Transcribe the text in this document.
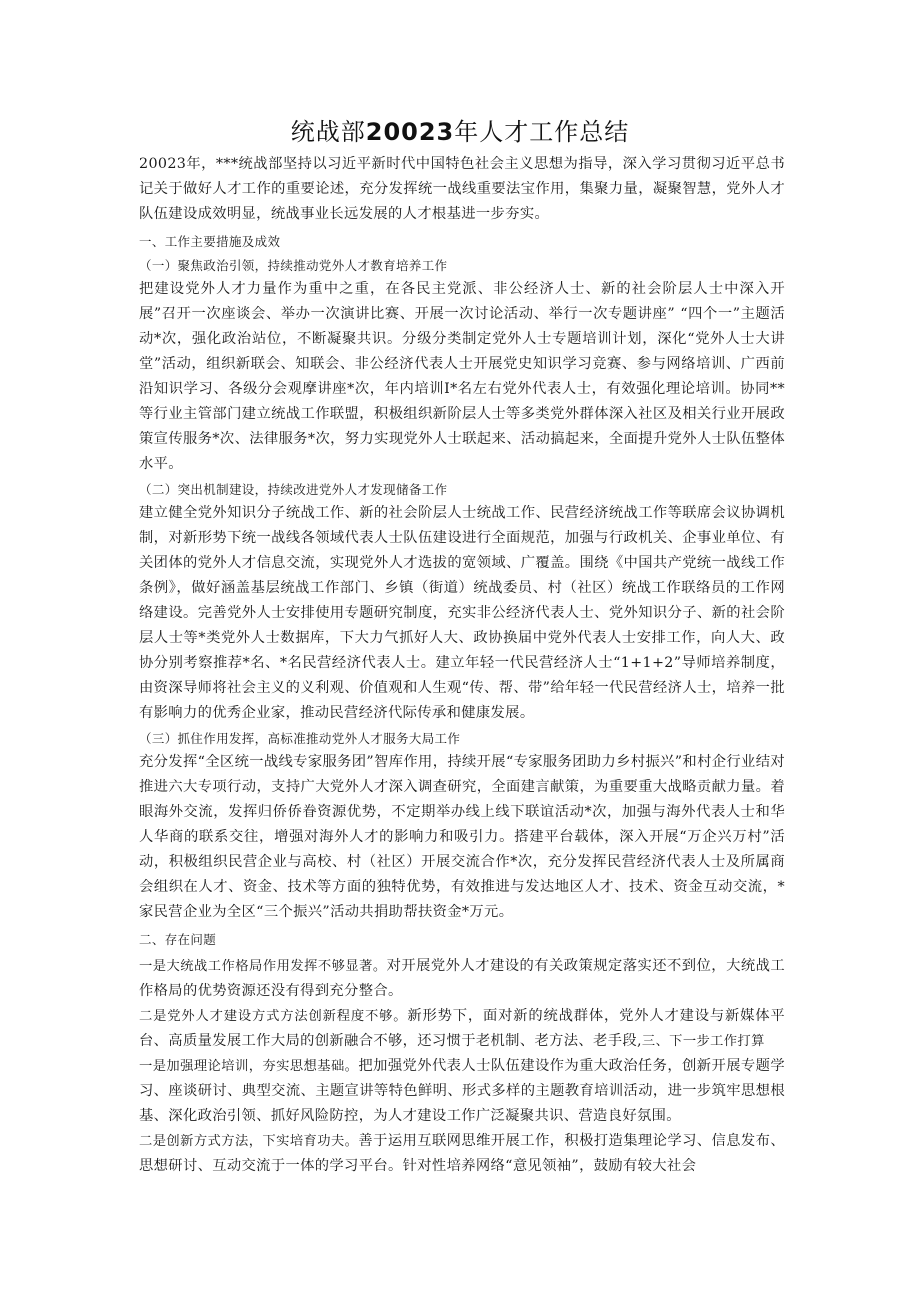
统战部20023年人才工作总结

20023年，***统战部坚持以习近平新时代中国特色社会主义思想为指导，深入学习贯彻习近平总书记关于做好人才工作的重要论述，充分发挥统一战线重要法宝作用，集聚力量，凝聚智慧，党外人才队伍建设成效明显，统战事业长远发展的人才根基进一步夯实。

一、工作主要措施及成效

（一）聚焦政治引领，持续推动党外人才教育培养工作

把建设党外人才力量作为重中之重，在各民主党派、非公经济人士、新的社会阶层人士中深入开展”召开一次座谈会、举办一次演讲比赛、开展一次讨论活动、举行一次专题讲座” “四个一”主题活动*次，强化政治站位，不断凝聚共识。分级分类制定党外人士专题培训计划，深化“党外人士大讲堂”活动，组织新联会、知联会、非公经济代表人士开展党史知识学习竞赛、参与网络培训、广西前沿知识学习、各级分会观摩讲座*次，年内培训I*名左右党外代表人士，有效强化理论培训。协同**等行业主管部门建立统战工作联盟，积极组织新阶层人士等多类党外群体深入社区及相关行业开展政策宣传服务*次、法律服务*次，努力实现党外人士联起来、活动搞起来，全面提升党外人士队伍整体水平。

（二）突出机制建设，持续改进党外人才发现储备工作

建立健全党外知识分子统战工作、新的社会阶层人士统战工作、民营经济统战工作等联席会议协调机制，对新形势下统一战线各领域代表人士队伍建设进行全面规范，加强与行政机关、企事业单位、有关团体的党外人才信息交流，实现党外人才选拔的宽领域、广覆盖。围绕《中国共产党统一战线工作条例》，做好涵盖基层统战工作部门、乡镇（街道）统战委员、村（社区）统战工作联络员的工作网络建设。完善党外人士安排使用专题研究制度，充实非公经济代表人士、党外知识分子、新的社会阶层人士等*类党外人士数据库，下大力气抓好人大、政协换届中党外代表人士安排工作，向人大、政协分别考察推荐*名、*名民营经济代表人士。建立年轻一代民营经济人士“1+1+2”导师培养制度，由资深导师将社会主义的义利观、价值观和人生观“传、帮、带”给年轻一代民营经济人士，培养一批有影响力的优秀企业家，推动民营经济代际传承和健康发展。

（三）抓住作用发挥，高标准推动党外人才服务大局工作

充分发挥“全区统一战线专家服务团”智库作用，持续开展“专家服务团助力乡村振兴”和村企行业结对推进六大专项行动，支持广大党外人才深入调查研究，全面建言献策，为重要重大战略贡献力量。着眼海外交流，发挥归侨侨眷资源优势，不定期举办线上线下联谊活动*次，加强与海外代表人士和华人华商的联系交往，增强对海外人才的影响力和吸引力。搭建平台载体，深入开展“万企兴万村”活动，积极组织民营企业与高校、村（社区）开展交流合作*次，充分发挥民营经济代表人士及所属商会组织在人才、资金、技术等方面的独特优势，有效推进与发达地区人才、技术、资金互动交流，*家民营企业为全区“三个振兴”活动共捐助帮扶资金*万元。

二、存在问题

一是大统战工作格局作用发挥不够显著。对开展党外人才建设的有关政策规定落实还不到位，大统战工作格局的优势资源还没有得到充分整合。

二是党外人才建设方式方法创新程度不够。新形势下，面对新的统战群体，党外人才建设与新媒体平台、高质量发展工作大局的创新融合不够，还习惯于老机制、老方法、老手段,三、下一步工作打算
一是加强理论培训，夯实思想基础。把加强党外代表人士队伍建设作为重大政治任务，创新开展专题学习、座谈研讨、典型交流、主题宣讲等特色鲜明、形式多样的主题教育培训活动，进一步筑牢思想根基、深化政治引领、抓好风险防控，为人才建设工作广泛凝聚共识、营造良好氛围。

二是创新方式方法，下实培育功夫。善于运用互联网思维开展工作，积极打造集理论学习、信息发布、思想研讨、互动交流于一体的学习平台。针对性培养网络“意见领袖”，鼓励有较大社会
